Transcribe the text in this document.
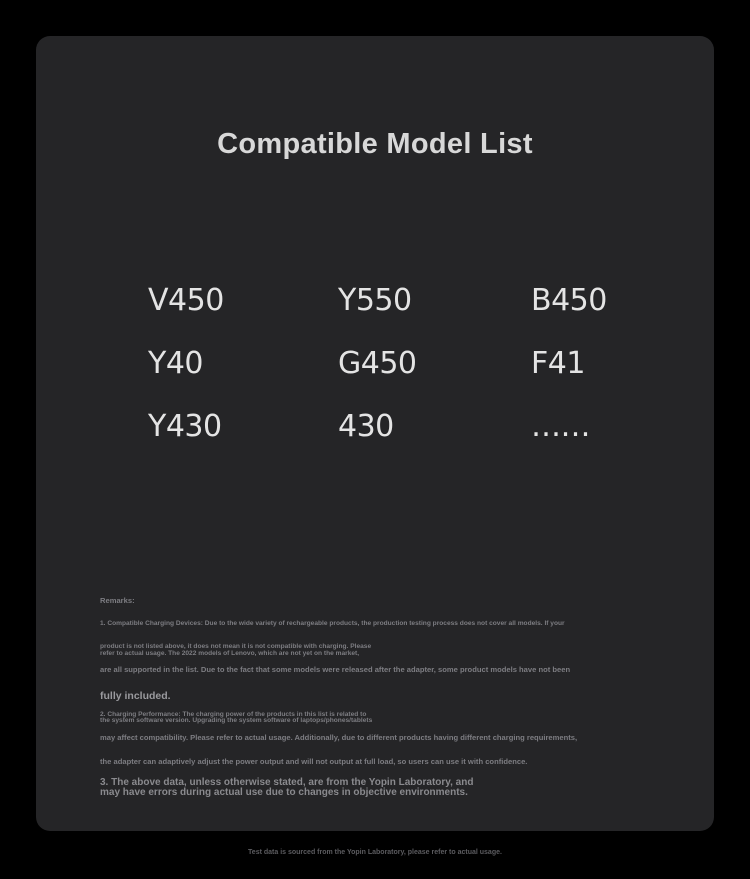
Compatible Model List
V450	Y550	B450
Y40	G450	F41
Y430	430	……
Remarks:
1. Compatible Charging Devices: Due to the wide variety of rechargeable products, the production testing process does not cover all models. If your
product is not listed above, it does not mean it is not compatible with charging. Please
refer to actual usage. The 2022 models of Lenovo, which are not yet on the market,
are all supported in the list. Due to the fact that some models were released after the adapter, some product models have not been
fully included.
2. Charging Performance: The charging power of the products in this list is related to
the system software version. Upgrading the system software of laptops/phones/tablets
may affect compatibility. Please refer to actual usage. Additionally, due to different products having different charging requirements,
the adapter can adaptively adjust the power output and will not output at full load, so users can use it with confidence.
3. The above data, unless otherwise stated, are from the Yopin Laboratory, and
may have errors during actual use due to changes in objective environments.
Test data is sourced from the Yopin Laboratory, please refer to actual usage.
